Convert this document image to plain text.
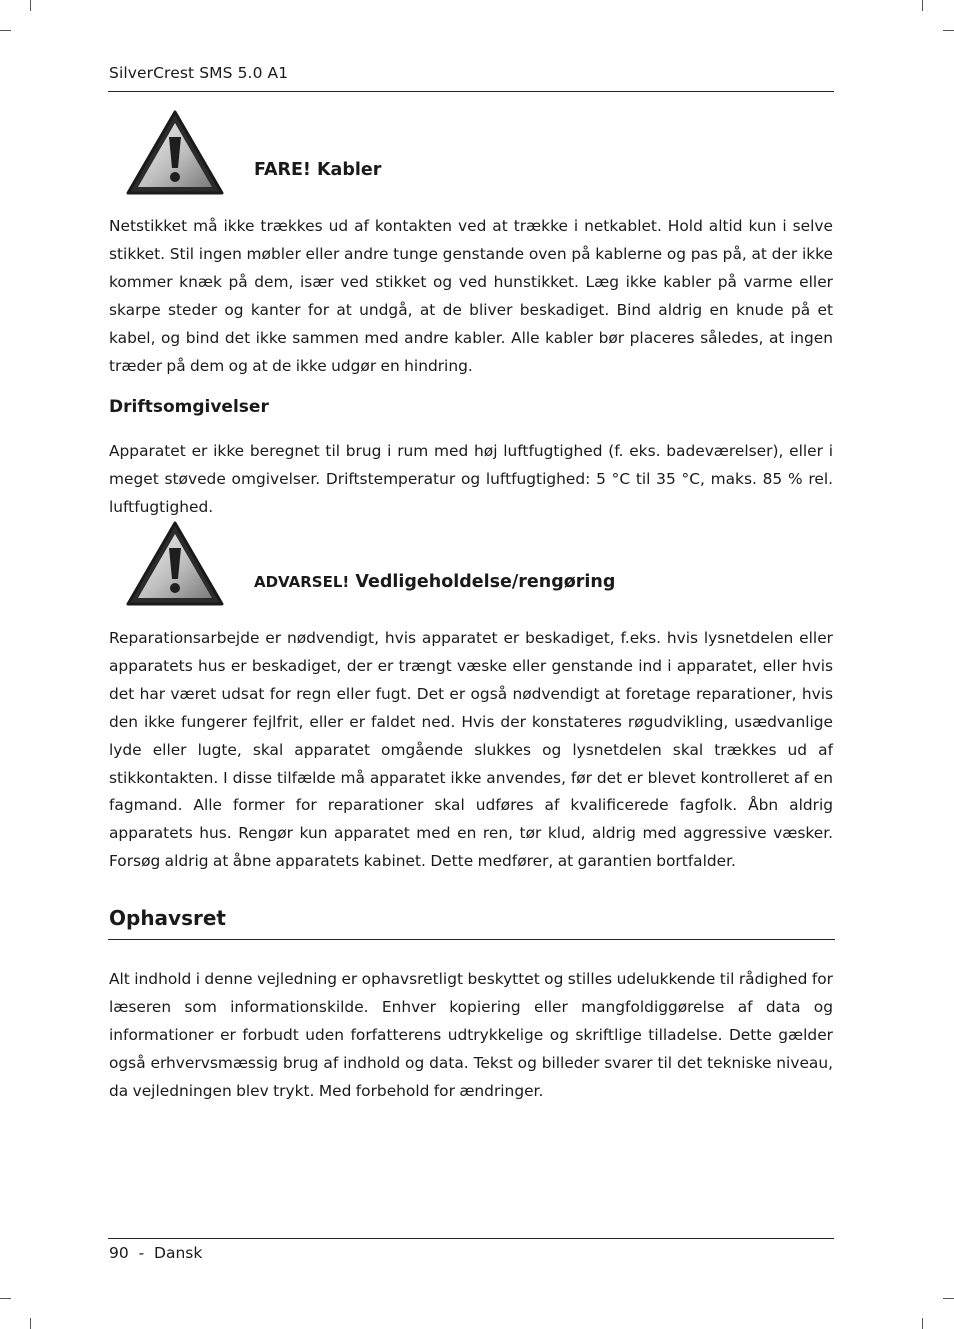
SilverCrest SMS 5.0 A1
FARE! Kabler

Netstikket må ikke trækkes ud af kontakten ved at trække i netkablet. Hold altid kun i selve stikket. Stil ingen møbler eller andre tunge genstande oven på kablerne og pas på, at der ikke kommer knæk på dem, især ved stikket og ved hunstikket. Læg ikke kabler på varme eller skarpe steder og kanter for at undgå, at de bliver beskadiget. Bind aldrig en knude på et kabel, og bind det ikke sammen med andre kabler. Alle kabler bør placeres således, at ingen træder på dem og at de ikke udgør en hindring.

Driftsomgivelser

Apparatet er ikke beregnet til brug i rum med høj luftfugtighed (f. eks. badeværelser), eller i meget støvede omgivelser. Driftstemperatur og luftfugtighed: 5 °C til 35 °C, maks. 85 % rel. luftfugtighed.

ADVARSEL! Vedligeholdelse/rengøring

Reparationsarbejde er nødvendigt, hvis apparatet er beskadiget, f.eks. hvis lysnetdelen eller apparatets hus er beskadiget, der er trængt væske eller genstande ind i apparatet, eller hvis det har været udsat for regn eller fugt. Det er også nødvendigt at foretage reparationer, hvis den ikke fungerer fejlfrit, eller er faldet ned. Hvis der konstateres røgudvikling, usædvanlige lyde eller lugte, skal apparatet omgående slukkes og lysnetdelen skal trækkes ud af stikkontakten. I disse tilfælde må apparatet ikke anvendes, før det er blevet kontrolleret af en fagmand. Alle former for reparationer skal udføres af kvalificerede fagfolk. Åbn aldrig apparatets hus. Rengør kun apparatet med en ren, tør klud, aldrig med aggressive væsker. Forsøg aldrig at åbne apparatets kabinet. Dette medfører, at garantien bortfalder.

Ophavsret

Alt indhold i denne vejledning er ophavsretligt beskyttet og stilles udelukkende til rådighed for læseren som informationskilde. Enhver kopiering eller mangfoldiggørelse af data og informationer er forbudt uden forfatterens udtrykkelige og skriftlige tilladelse. Dette gælder også erhvervsmæssig brug af indhold og data. Tekst og billeder svarer til det tekniske niveau, da vejledningen blev trykt. Med forbehold for ændringer.

90  -  Dansk
